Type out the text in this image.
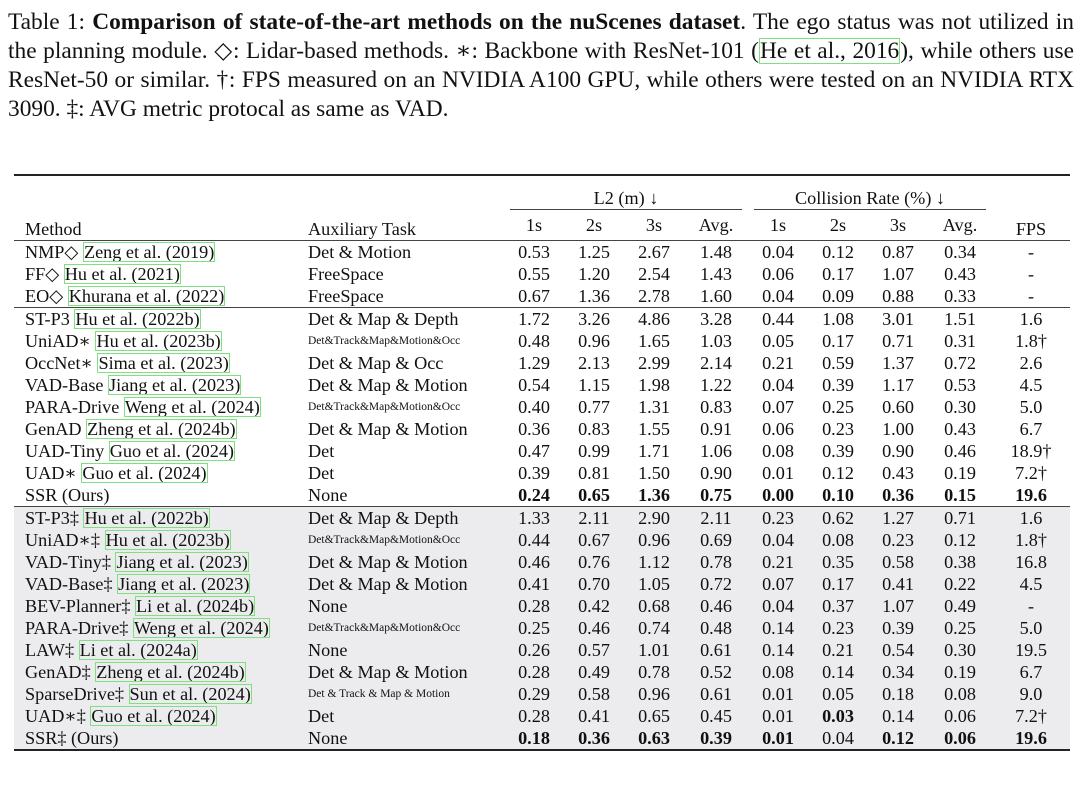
Table 1: Comparison of state-of-the-art methods on the nuScenes dataset. The ego status was not utilized in the planning module. ◇: Lidar-based methods. ∗: Backbone with ResNet-101 (He et al., 2016), while others use ResNet-50 or similar. †: FPS measured on an NVIDIA A100 GPU, while others were tested on an NVIDIA RTX 3090. ‡: AVG metric protocal as same as VAD.
Method	Auxiliary Task	L2 (m) ↓				Collision Rate (%) ↓				FPS
		1s	2s	3s	Avg.	1s	2s	3s	Avg.	
NMP◇ Zeng et al. (2019)	Det & Motion	0.53	1.25	2.67	1.48	0.04	0.12	0.87	0.34	-
FF◇ Hu et al. (2021)	FreeSpace	0.55	1.20	2.54	1.43	0.06	0.17	1.07	0.43	-
EO◇ Khurana et al. (2022)	FreeSpace	0.67	1.36	2.78	1.60	0.04	0.09	0.88	0.33	-
ST-P3 Hu et al. (2022b)	Det & Map & Depth	1.72	3.26	4.86	3.28	0.44	1.08	3.01	1.51	1.6
UniAD∗ Hu et al. (2023b)	Det&Track&Map&Motion&Occ	0.48	0.96	1.65	1.03	0.05	0.17	0.71	0.31	1.8†
OccNet∗ Sima et al. (2023)	Det & Map & Occ	1.29	2.13	2.99	2.14	0.21	0.59	1.37	0.72	2.6
VAD-Base Jiang et al. (2023)	Det & Map & Motion	0.54	1.15	1.98	1.22	0.04	0.39	1.17	0.53	4.5
PARA-Drive Weng et al. (2024)	Det&Track&Map&Motion&Occ	0.40	0.77	1.31	0.83	0.07	0.25	0.60	0.30	5.0
GenAD Zheng et al. (2024b)	Det & Map & Motion	0.36	0.83	1.55	0.91	0.06	0.23	1.00	0.43	6.7
UAD-Tiny Guo et al. (2024)	Det	0.47	0.99	1.71	1.06	0.08	0.39	0.90	0.46	18.9†
UAD∗ Guo et al. (2024)	Det	0.39	0.81	1.50	0.90	0.01	0.12	0.43	0.19	7.2†
SSR (Ours)	None	0.24	0.65	1.36	0.75	0.00	0.10	0.36	0.15	19.6
ST-P3‡ Hu et al. (2022b)	Det & Map & Depth	1.33	2.11	2.90	2.11	0.23	0.62	1.27	0.71	1.6
UniAD∗‡ Hu et al. (2023b)	Det&Track&Map&Motion&Occ	0.44	0.67	0.96	0.69	0.04	0.08	0.23	0.12	1.8†
VAD-Tiny‡ Jiang et al. (2023)	Det & Map & Motion	0.46	0.76	1.12	0.78	0.21	0.35	0.58	0.38	16.8
VAD-Base‡ Jiang et al. (2023)	Det & Map & Motion	0.41	0.70	1.05	0.72	0.07	0.17	0.41	0.22	4.5
BEV-Planner‡ Li et al. (2024b)	None	0.28	0.42	0.68	0.46	0.04	0.37	1.07	0.49	-
PARA-Drive‡ Weng et al. (2024)	Det&Track&Map&Motion&Occ	0.25	0.46	0.74	0.48	0.14	0.23	0.39	0.25	5.0
LAW‡ Li et al. (2024a)	None	0.26	0.57	1.01	0.61	0.14	0.21	0.54	0.30	19.5
GenAD‡ Zheng et al. (2024b)	Det & Map & Motion	0.28	0.49	0.78	0.52	0.08	0.14	0.34	0.19	6.7
SparseDrive‡ Sun et al. (2024)	Det & Track & Map & Motion	0.29	0.58	0.96	0.61	0.01	0.05	0.18	0.08	9.0
UAD∗‡ Guo et al. (2024)	Det	0.28	0.41	0.65	0.45	0.01	0.03	0.14	0.06	7.2†
SSR‡ (Ours)	None	0.18	0.36	0.63	0.39	0.01	0.04	0.12	0.06	19.6
